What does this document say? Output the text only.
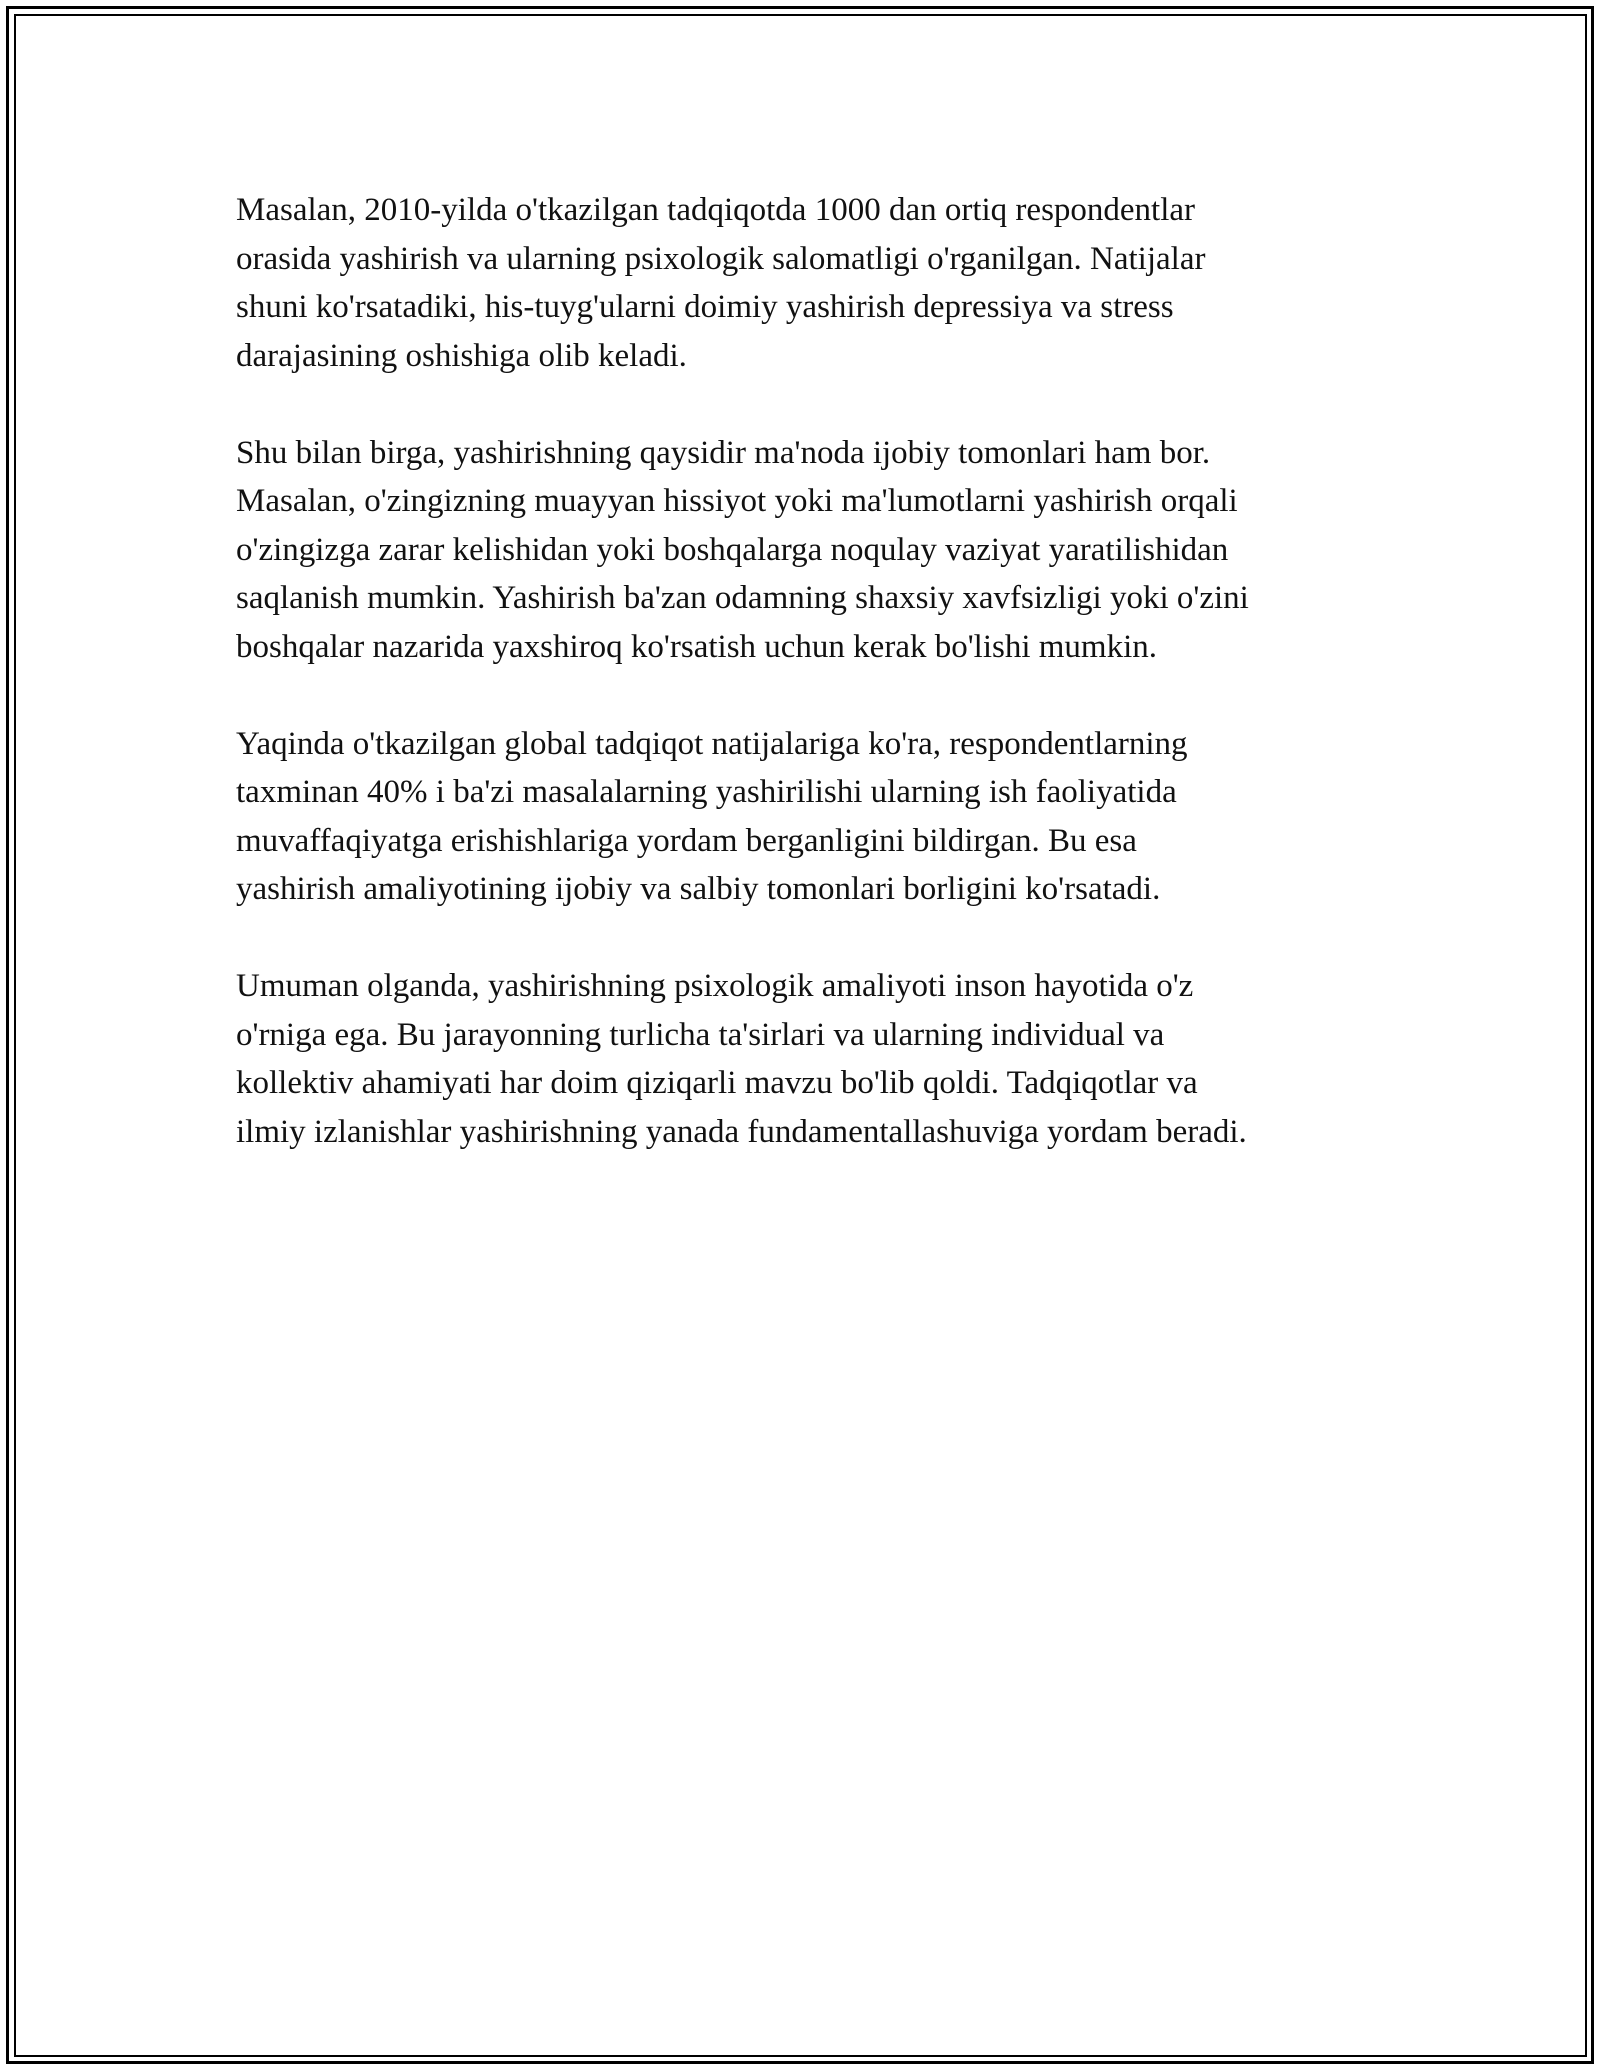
Masalan, 2010-yilda o'tkazilgan tadqiqotda 1000 dan ortiq respondentlar
orasida yashirish va ularning psixologik salomatligi o'rganilgan. Natijalar
shuni ko'rsatadiki, his-tuyg'ularni doimiy yashirish depressiya va stress
darajasining oshishiga olib keladi.

Shu bilan birga, yashirishning qaysidir ma'noda ijobiy tomonlari ham bor.
Masalan, o'zingizning muayyan hissiyot yoki ma'lumotlarni yashirish orqali
o'zingizga zarar kelishidan yoki boshqalarga noqulay vaziyat yaratilishidan
saqlanish mumkin. Yashirish ba'zan odamning shaxsiy xavfsizligi yoki o'zini
boshqalar nazarida yaxshiroq ko'rsatish uchun kerak bo'lishi mumkin.

Yaqinda o'tkazilgan global tadqiqot natijalariga ko'ra, respondentlarning
taxminan 40% i ba'zi masalalarning yashirilishi ularning ish faoliyatida
muvaffaqiyatga erishishlariga yordam berganligini bildirgan. Bu esa
yashirish amaliyotining ijobiy va salbiy tomonlari borligini ko'rsatadi.

Umuman olganda, yashirishning psixologik amaliyoti inson hayotida o'z
o'rniga ega. Bu jarayonning turlicha ta'sirlari va ularning individual va
kollektiv ahamiyati har doim qiziqarli mavzu bo'lib qoldi. Tadqiqotlar va
ilmiy izlanishlar yashirishning yanada fundamentallashuviga yordam beradi.
